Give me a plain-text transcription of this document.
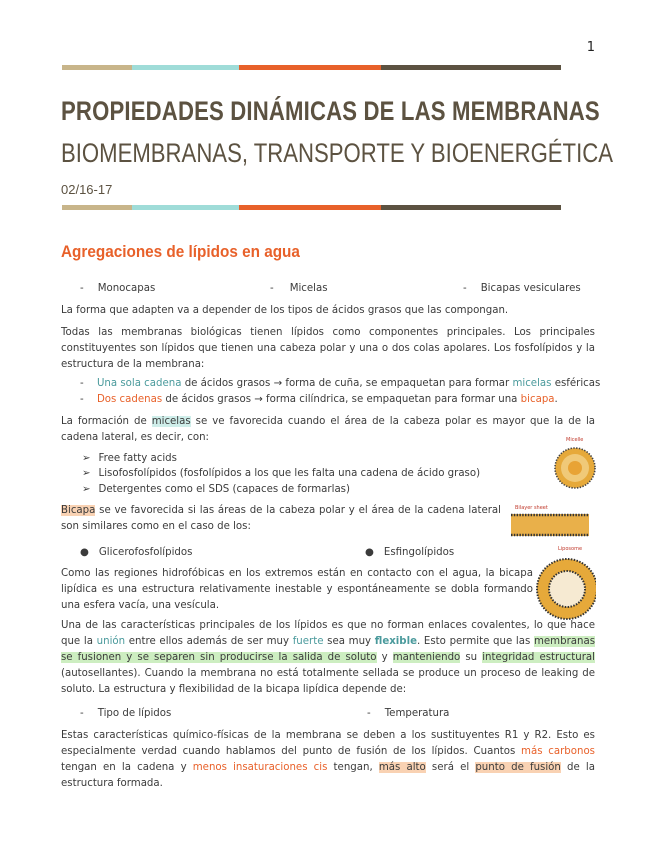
1
PROPIEDADES DINÁMICAS DE LAS MEMBRANAS
BIOMEMBRANAS, TRANSPORTE Y BIOENERGÉTICA
02/16-17
Agregaciones de lípidos en agua
- Monocapas	- Micelas	- Bicapas vesiculares
La forma que adapten va a depender de los tipos de ácidos grasos que las compongan.
Todas las membranas biológicas tienen lípidos como componentes principales. Los principales constituyentes son lípidos que tienen una cabeza polar y una o dos colas apolares. Los fosfolípidos y la estructura de la membrana:
- Una sola cadena de ácidos grasos → forma de cuña, se empaquetan para formar micelas esféricas
- Dos cadenas de ácidos grasos → forma cilíndrica, se empaquetan para formar una bicapa.
La formación de micelas se ve favorecida cuando el área de la cabeza polar es mayor que la de la cadena lateral, es decir, con:
➢ Free fatty acids
➢ Lisofosfolípidos (fosfolípidos a los que les falta una cadena de ácido graso)
➢ Detergentes como el SDS (capaces de formarlas)
Bicapa se ve favorecida si las áreas de la cabeza polar y el área de la cadena lateral son similares como en el caso de los:
● Glicerofosfolípidos	● Esfingolípidos
Como las regiones hidrofóbicas en los extremos están en contacto con el agua, la bicapa lipídica es una estructura relativamente inestable y espontáneamente se dobla formando una esfera vacía, una vesícula.
Una de las características principales de los lípidos es que no forman enlaces covalentes, lo que hace que la unión entre ellos además de ser muy fuerte sea muy flexible. Esto permite que las membranas se fusionen y se separen sin producirse la salida de soluto y manteniendo su integridad estructural (autosellantes). Cuando la membrana no está totalmente sellada se produce un proceso de leaking de soluto. La estructura y flexibilidad de la bicapa lipídica depende de:
- Tipo de lípidos	- Temperatura
Estas características químico-físicas de la membrana se deben a los sustituyentes R1 y R2. Esto es especialmente verdad cuando hablamos del punto de fusión de los lípidos. Cuantos más carbonos tengan en la cadena y menos insaturaciones cis tengan, más alto será el punto de fusión de la estructura formada.
Micelle
Bilayer sheet
Liposome
